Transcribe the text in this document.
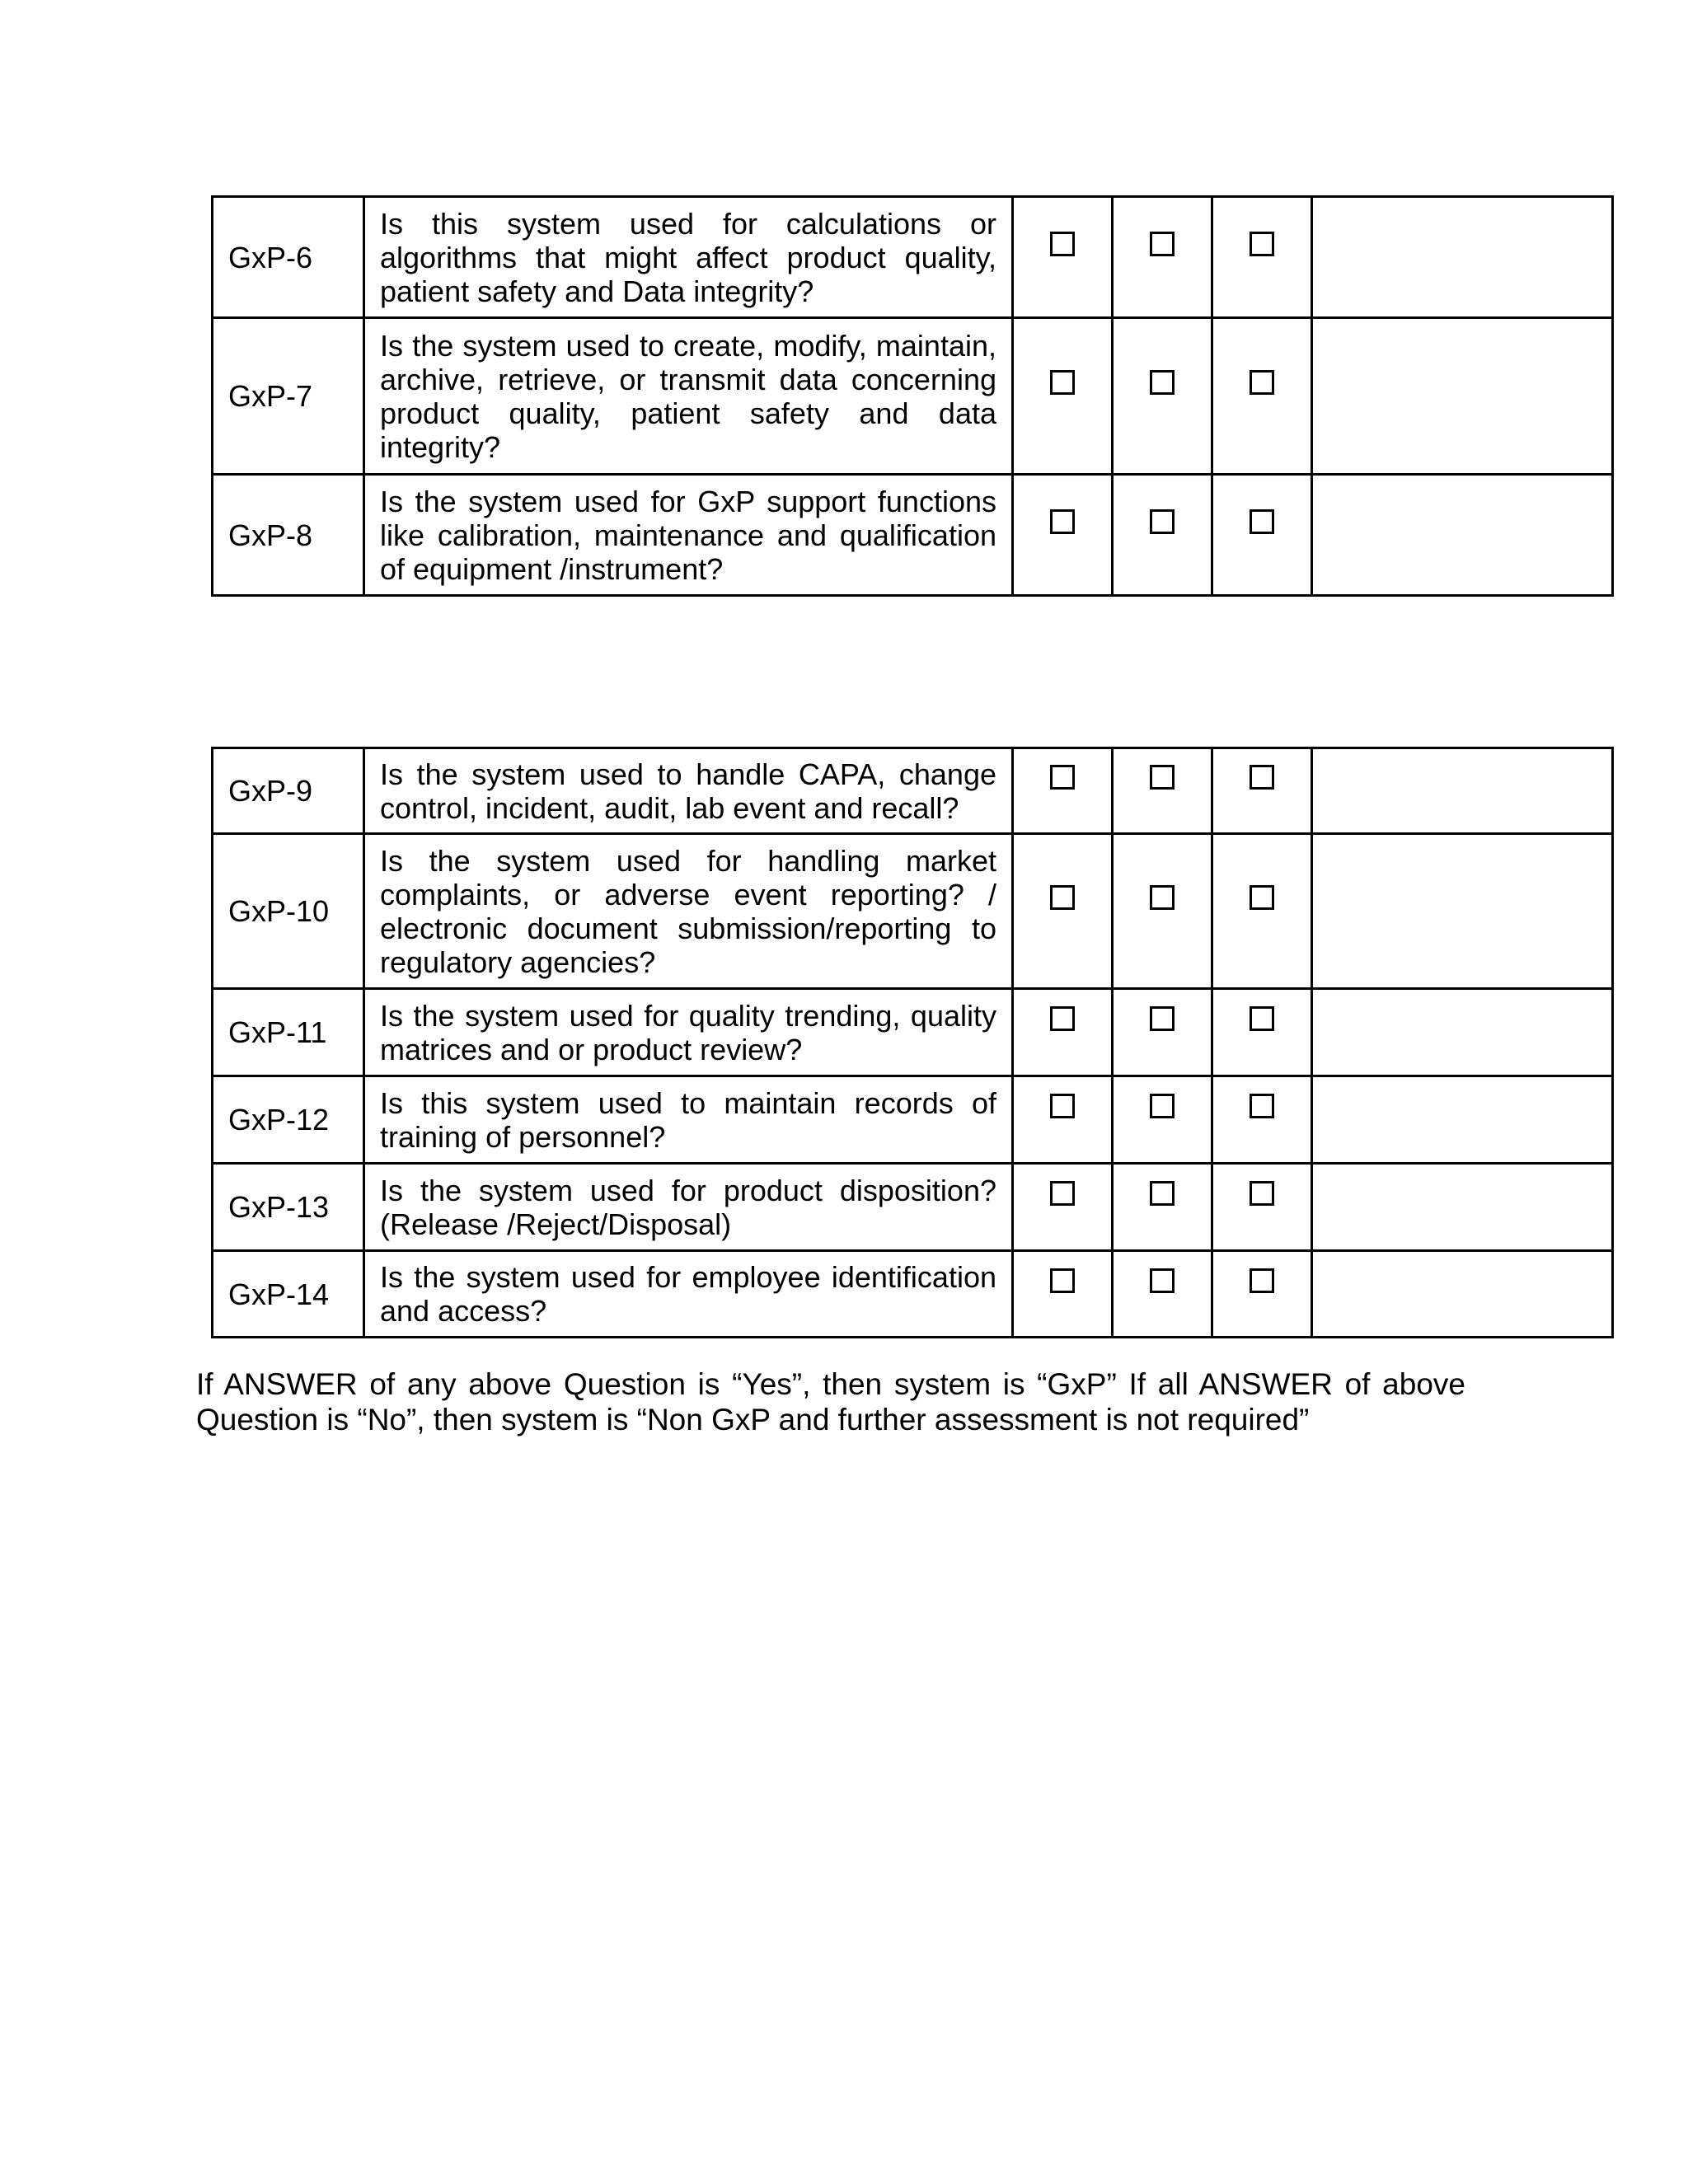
GxP-6	Is this system used for calculations or algorithms that might affect product quality, patient safety and Data integrity?				

GxP-7	Is the system used to create, modify, maintain, archive, retrieve, or transmit data concerning product quality, patient safety and data integrity?				

GxP-8	Is the system used for GxP support functions like calibration, maintenance and qualification of equipment /instrument?				

GxP-9	Is the system used to handle CAPA, change control, incident, audit, lab event and recall?				

GxP-10	Is the system used for handling market complaints, or adverse event reporting? / electronic document submission/reporting to regulatory agencies?				

GxP-11	Is the system used for quality trending, quality matrices and or product review?				

GxP-12	Is this system used to maintain records of training of personnel?				

GxP-13	Is the system used for product disposition? (Release /Reject/Disposal)				

GxP-14	Is the system used for employee identification and access?				

If ANSWER of any above Question is “Yes”, then system is “GxP” If all ANSWER of above Question is “No”, then system is “Non GxP and further assessment is not required”
